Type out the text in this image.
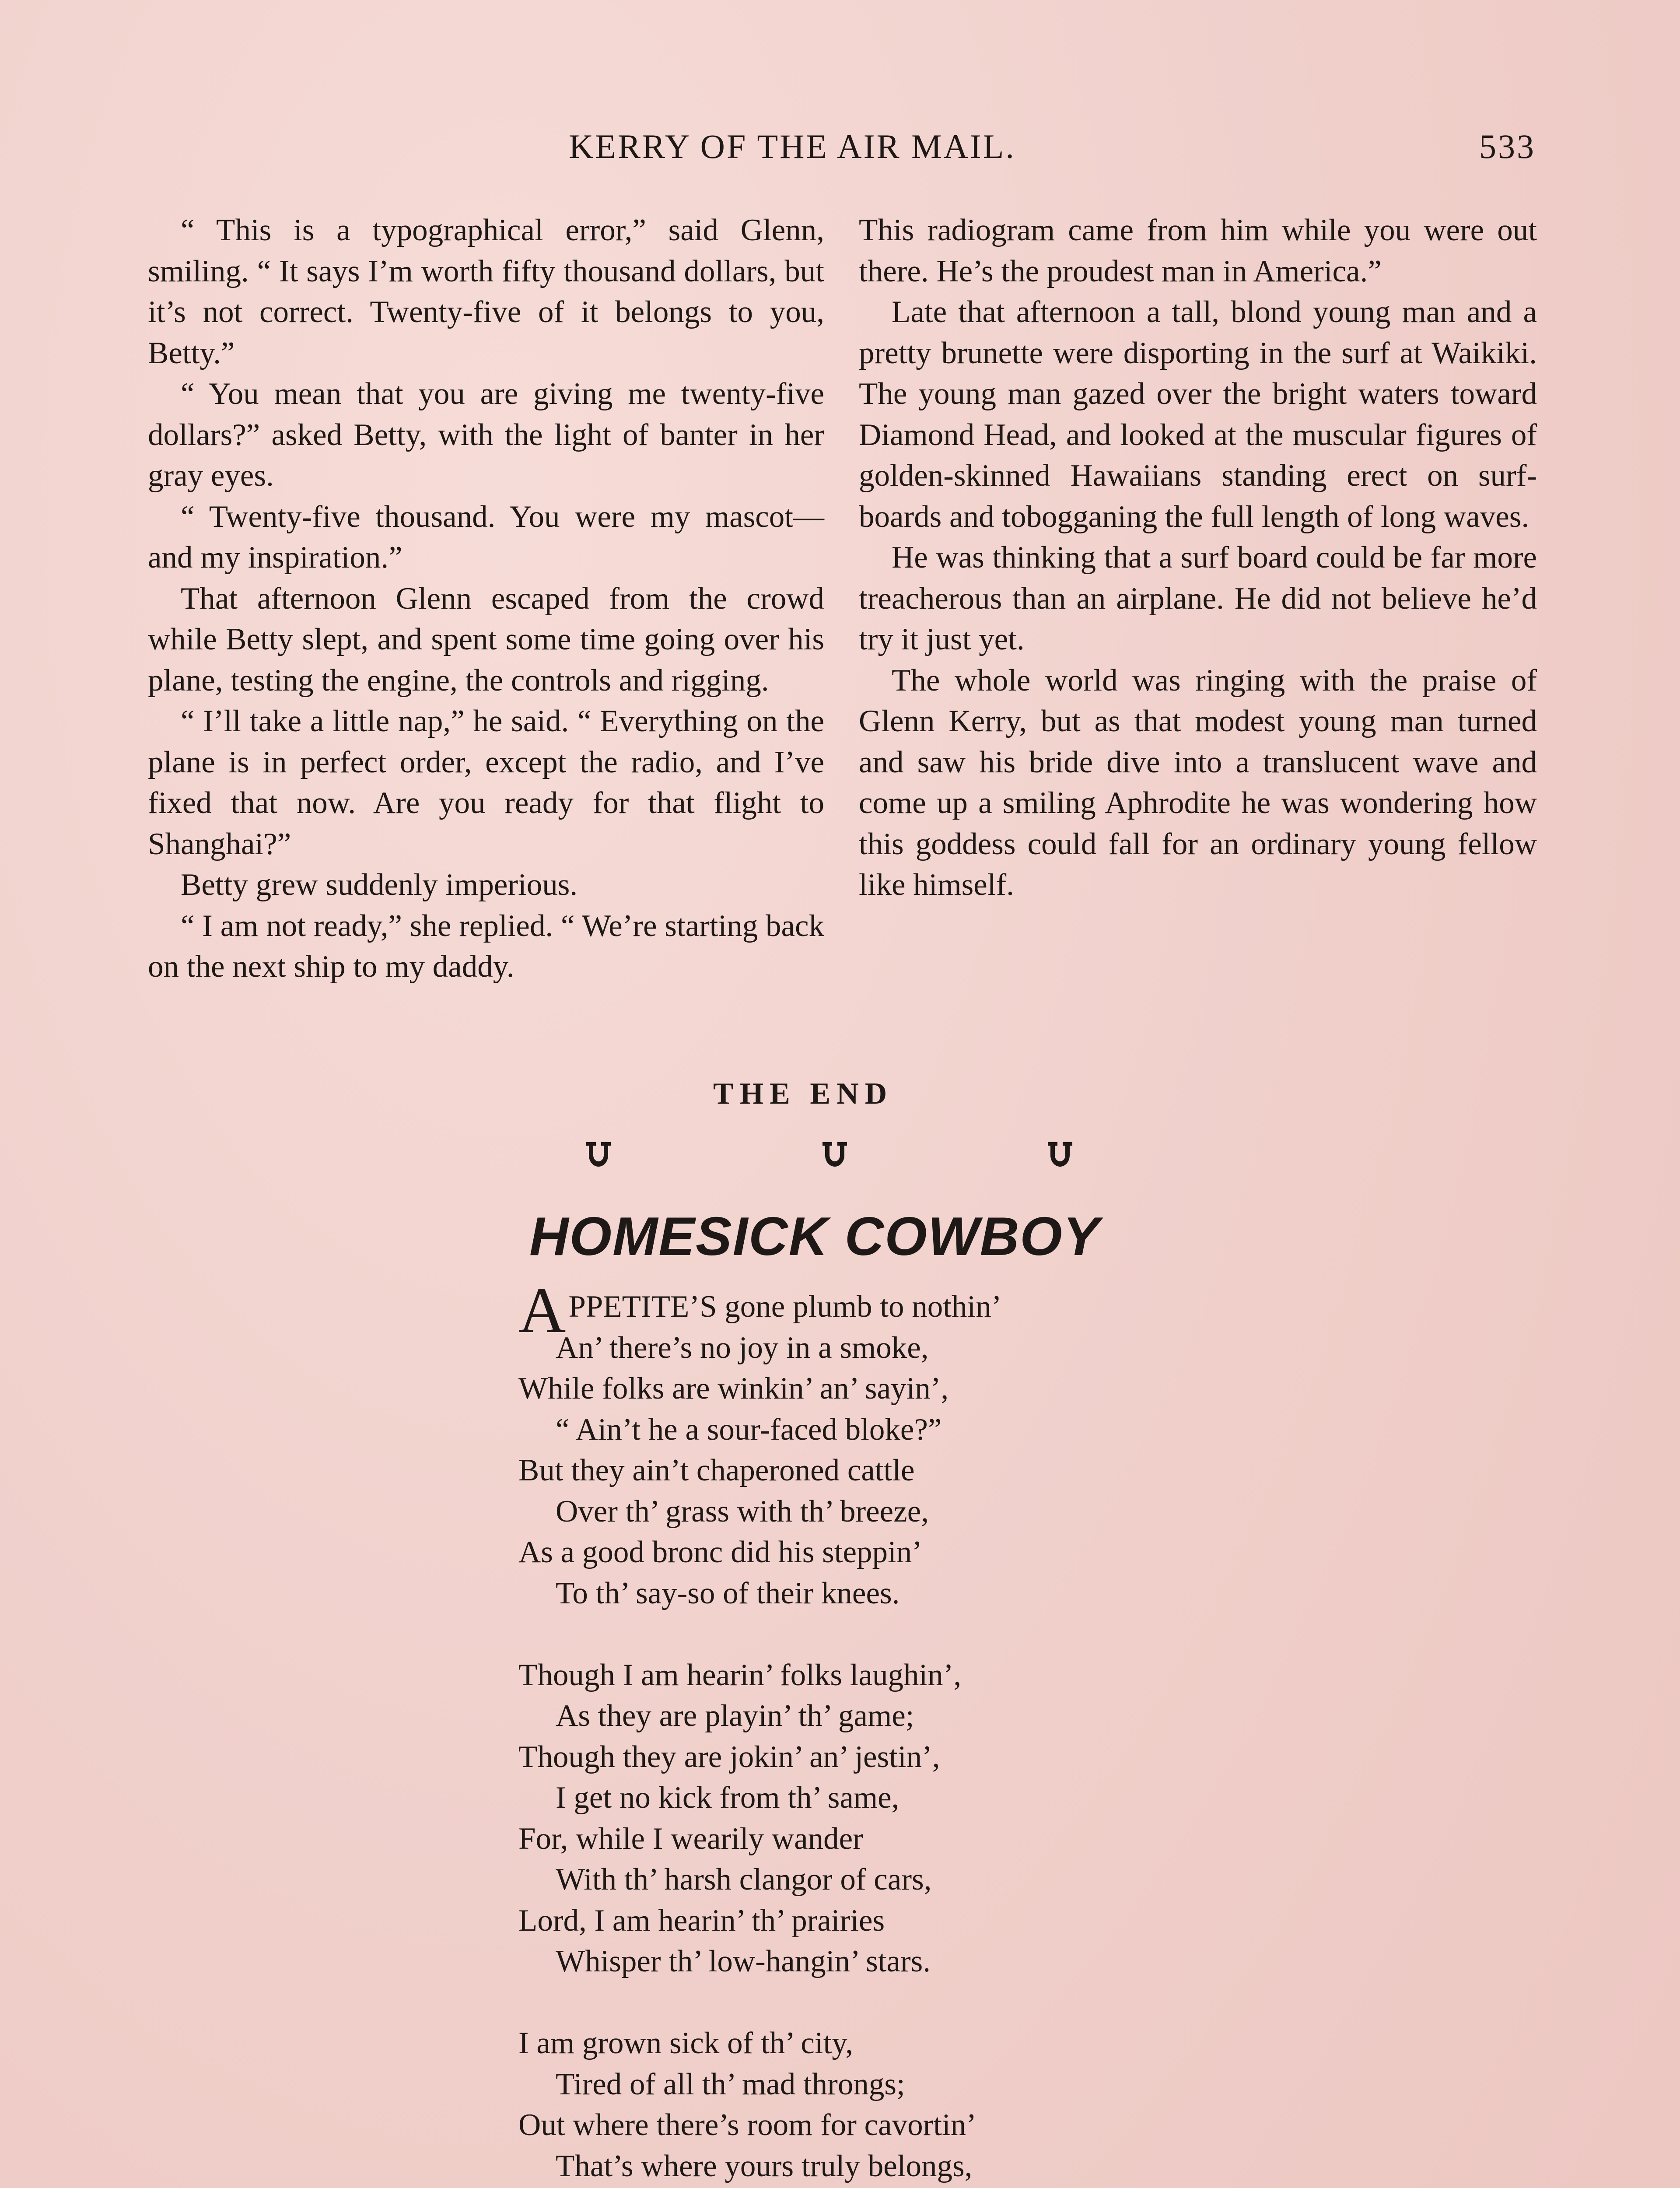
KERRY OF THE AIR MAIL.	533

“ This is a typographical error,” said Glenn, smiling. “ It says I’m worth fifty thousand dollars, but it’s not correct. Twenty-five of it belongs to you, Betty.”

“ You mean that you are giving me twenty-five dollars?” asked Betty, with the light of banter in her gray eyes.

“ Twenty-five thousand. You were my mascot—and my inspiration.”

That afternoon Glenn escaped from the crowd while Betty slept, and spent some time going over his plane, testing the engine, the controls and rigging.

“ I’ll take a little nap,” he said. “ Everything on the plane is in perfect order, except the radio, and I’ve fixed that now. Are you ready for that flight to Shanghai?”

Betty grew suddenly imperious.

“ I am not ready,” she replied. “ We’re starting back on the next ship to my daddy.

This radiogram came from him while you were out there. He’s the proudest man in America.”

Late that afternoon a tall, blond young man and a pretty brunette were disporting in the surf at Waikiki. The young man gazed over the bright waters toward Diamond Head, and looked at the muscular figures of golden-skinned Hawaiians standing erect on surf-boards and tobogganing the full length of long waves.

He was thinking that a surf board could be far more treacherous than an airplane. He did not believe he’d try it just yet.

The whole world was ringing with the praise of Glenn Kerry, but as that modest young man turned and saw his bride dive into a translucent wave and come up a smiling Aphrodite he was wondering how this goddess could fall for an ordinary young fellow like himself.

THE END
HOMESICK COWBOY
APPETITE’S gone plumb to nothin’
An’ there’s no joy in a smoke,
While folks are winkin’ an’ sayin’,
“ Ain’t he a sour-faced bloke?”
But they ain’t chaperoned cattle
Over th’ grass with th’ breeze,
As a good bronc did his steppin’
To th’ say-so of their knees.
Though I am hearin’ folks laughin’,
As they are playin’ th’ game;
Though they are jokin’ an’ jestin’,
I get no kick from th’ same,
For, while I wearily wander
With th’ harsh clangor of cars,
Lord, I am hearin’ th’ prairies
Whisper th’ low-hangin’ stars.
I am grown sick of th’ city,
Tired of all th’ mad throngs;
Out where there’s room for cavortin’
That’s where yours truly belongs,
